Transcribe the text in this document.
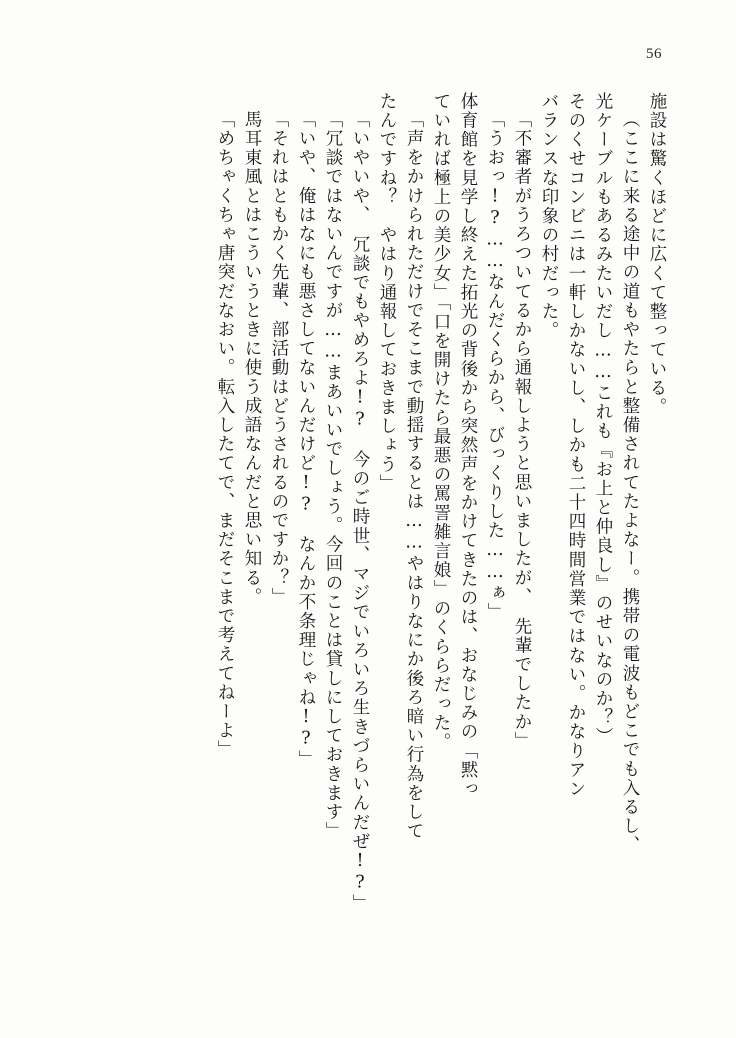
56
施設は驚くほどに広くて整っている。
（ここに来る途中の道もやたらと整備されてたよなー。携帯の電波もどこでも入るし、
光ケーブルもあるみたいだし……これも『お上と仲良し』のせいなのか？）
そのくせコンビニは一軒しかないし、しかも二十四時間営業ではない。かなりアン
バランスな印象の村だった。
「不審者がうろついてるから通報しようと思いましたが、　先輩でしたか」
「うおっ!?……なんだくらから、びっくりした……ぁ」
体育館を見学し終えた拓光の背後から突然声をかけてきたのは、おなじみの「黙っ
ていれば極上の美少女」「口を開けたら最悪の罵詈雑言娘」のくららだった。
「声をかけられただけでそこまで動揺するとは……やはりなにか後ろ暗い行為をして
たんですね？　やはり通報しておきましょう」
「いやいや、　冗談でもやめろよ!?　今のご時世、マジでいろいろ生きづらいんだぜ!?」
「冗談ではないんですが……まあいいでしょう。今回のことは貸しにしておきます」
「いや、俺はなにも悪さしてないんだけど!?　なんか不条理じゃね!?」
「それはともかく先輩、部活動はどうされるのですか？」
馬耳東風とはこういうときに使う成語なんだと思い知る。
「めちゃくちゃ唐突だなおい。転入したてで、まだそこまで考えてねーよ」
